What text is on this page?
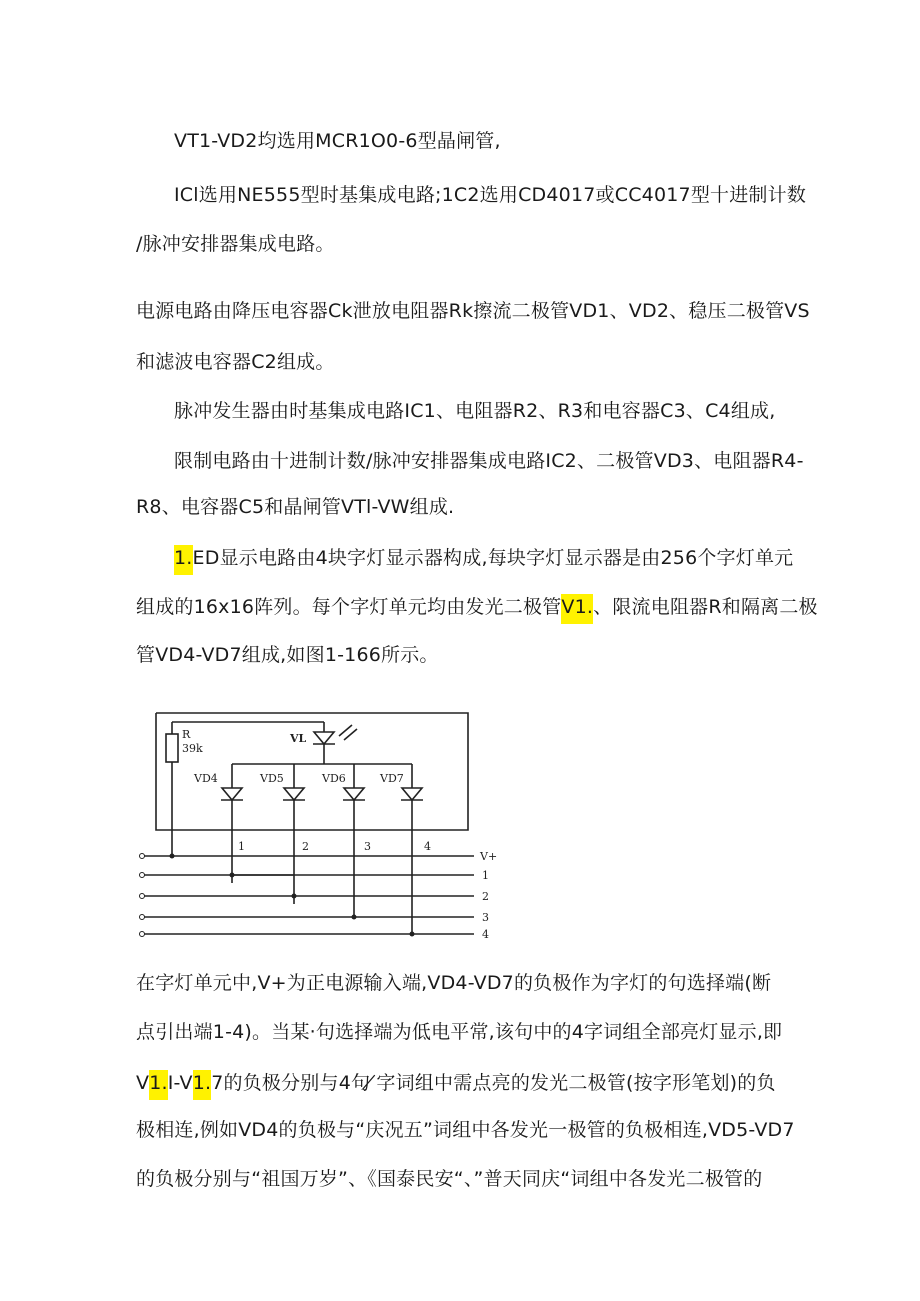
VT1-VD2均选用MCR1O0-6型晶闸管,
ICl选用NE555型时基集成电路;1C2选用CD4017或CC4017型十进制计数
/脉冲安排器集成电路。
电源电路由降压电容器Ck泄放电阻器Rk擦流二极管VD1、VD2、稳压二极管VS
和滤波电容器C2组成。
脉冲发生器由时基集成电路IC1、电阻器R2、R3和电容器C3、C4组成,
限制电路由十进制计数/脉冲安排器集成电路IC2、二极管VD3、电阻器R4-
R8、电容器C5和晶闸管VTl-VW组成.
1.ED显示电路由4块字灯显示器构成,每块字灯显示器是由256个字灯单元
组成的16x16阵列。每个字灯单元均由发光二极管V1.、限流电阻器R和隔离二极
管VD4-VD7组成,如图1-166所示。
R
39k
VL
VD4	VD5	VD6	VD7
1	2	3	4
V+
1
2
3
4
在字灯单元中,V+为正电源输入端,VD4-VD7的负极作为字灯的句选择端(断
点引出端1-4)。当某·句选择端为低电平常,该句中的4字词组全部亮灯显示,即
V1.I-V1.7的负极分别与4句 ̸字词组中需点亮的发光二极管(按字形笔划)的负
极相连,例如VD4的负极与“庆况五”词组中各发光一极管的负极相连,VD5-VD7
的负极分别与“祖国万岁”、《国泰民安“、”普天同庆“词组中各发光二极管的
